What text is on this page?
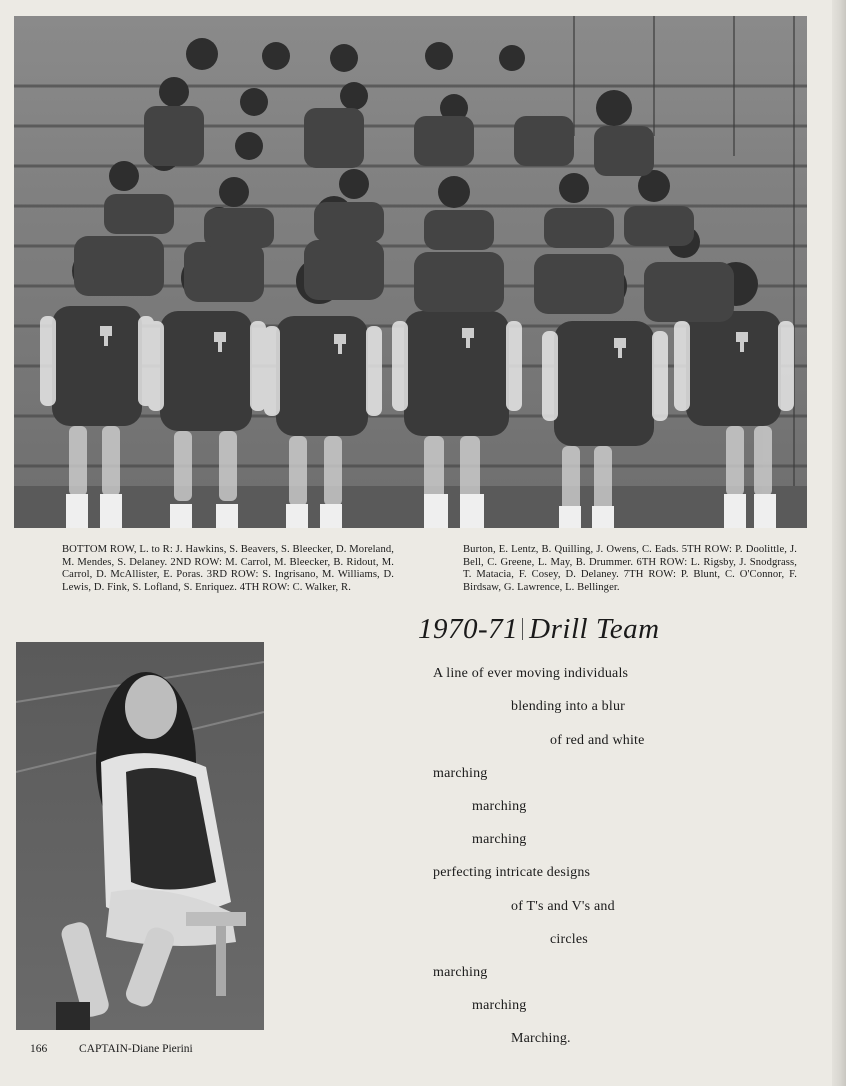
BOTTOM ROW, L. to R: J. Hawkins, S. Beavers, S. Bleecker, D. Moreland, M. Mendes, S. Delaney. 2ND ROW: M. Carrol, M. Bleecker, B. Ridout, M. Carrol, D. McAllister, E. Poras. 3RD ROW: S. Ingrisano, M. Williams, D. Lewis, D. Fink, S. Lofland, S. Enriquez. 4TH ROW: C. Walker, R.
Burton, E. Lentz, B. Quilling, J. Owens, C. Eads. 5TH ROW: P. Doolittle, J. Bell, C. Greene, L. May, B. Drummer. 6TH ROW: L. Rigsby, J. Snodgrass, T. Matacia, F. Cosey, D. Delaney. 7TH ROW: P. Blunt, C. O'Connor, F. Birdsaw, G. Lawrence, L. Bellinger.
1970-71 Drill Team
A line of ever moving individuals
blending into a blur
of red and white
marching
marching
marching
perfecting intricate designs
of T's and V's and
circles
marching
marching
Marching.
166	CAPTAIN-Diane Pierini
